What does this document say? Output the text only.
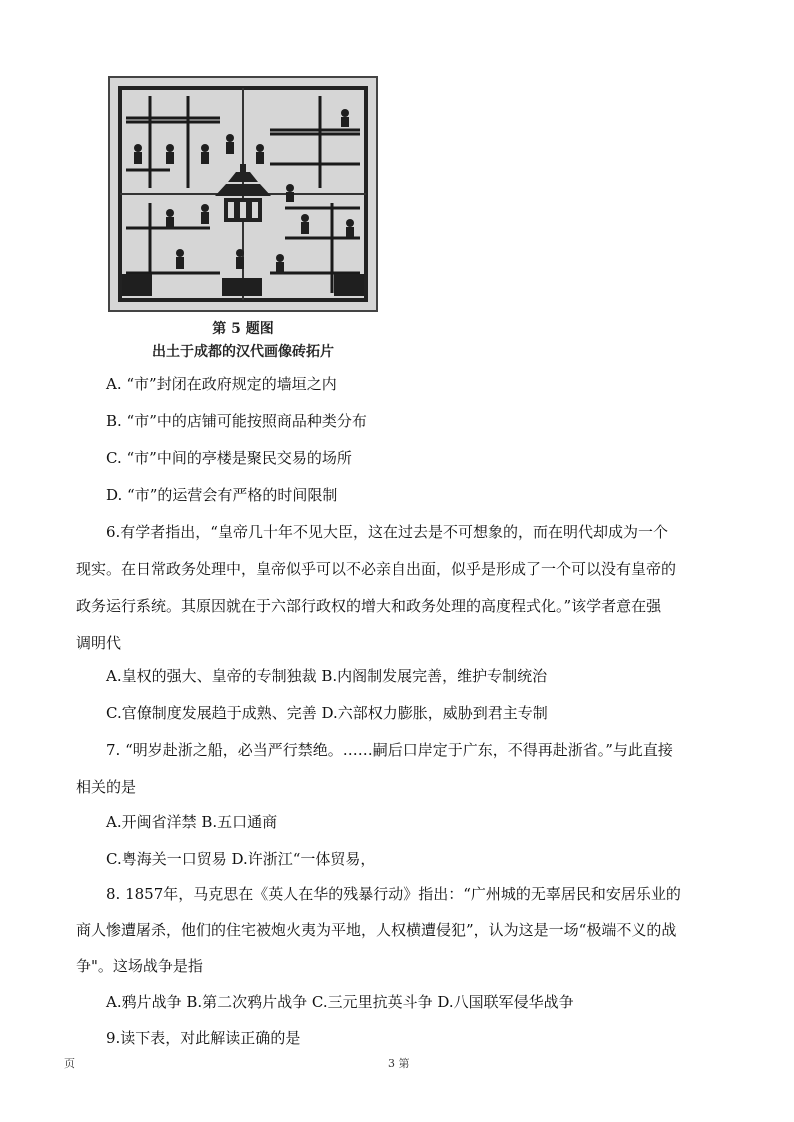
第 5 题图
出土于成都的汉代画像砖拓片
A. “市”封闭在政府规定的墙垣之内
B. “市”中的店铺可能按照商品种类分布
C. “市”中间的亭楼是聚民交易的场所
D. “市”的运营会有严格的时间限制
6.有学者指出，“皇帝几十年不见大臣，这在过去是不可想象的，而在明代却成为一个
现实。在日常政务处理中，皇帝似乎可以不必亲自出面，似乎是形成了一个可以没有皇帝的
政务运行系统。其原因就在于六部行政权的增大和政务处理的高度程式化。”该学者意在强
调明代
A.皇权的强大、皇帝的专制独裁 B.内阁制发展完善，维护专制统治
C.官僚制度发展趋于成熟、完善 D.六部权力膨胀，威胁到君主专制
7. “明岁赴浙之船，必当严行禁绝。……嗣后口岸定于广东，不得再赴浙省。”与此直接
相关的是
A.开闽省洋禁 B.五口通商
C.粤海关一口贸易 D.许浙江“一体贸易，
8. 1857年，马克思在《英人在华的残暴行动》指出：“广州城的无辜居民和安居乐业的
商人惨遭屠杀，他们的住宅被炮火夷为平地，人权横遭侵犯”，认为这是一场“极端不义的战
争"。这场战争是指
A.鸦片战争 B.第二次鸦片战争 C.三元里抗英斗争 D.八国联军侵华战争
9.读下表，对此解读正确的是
页	3 第
